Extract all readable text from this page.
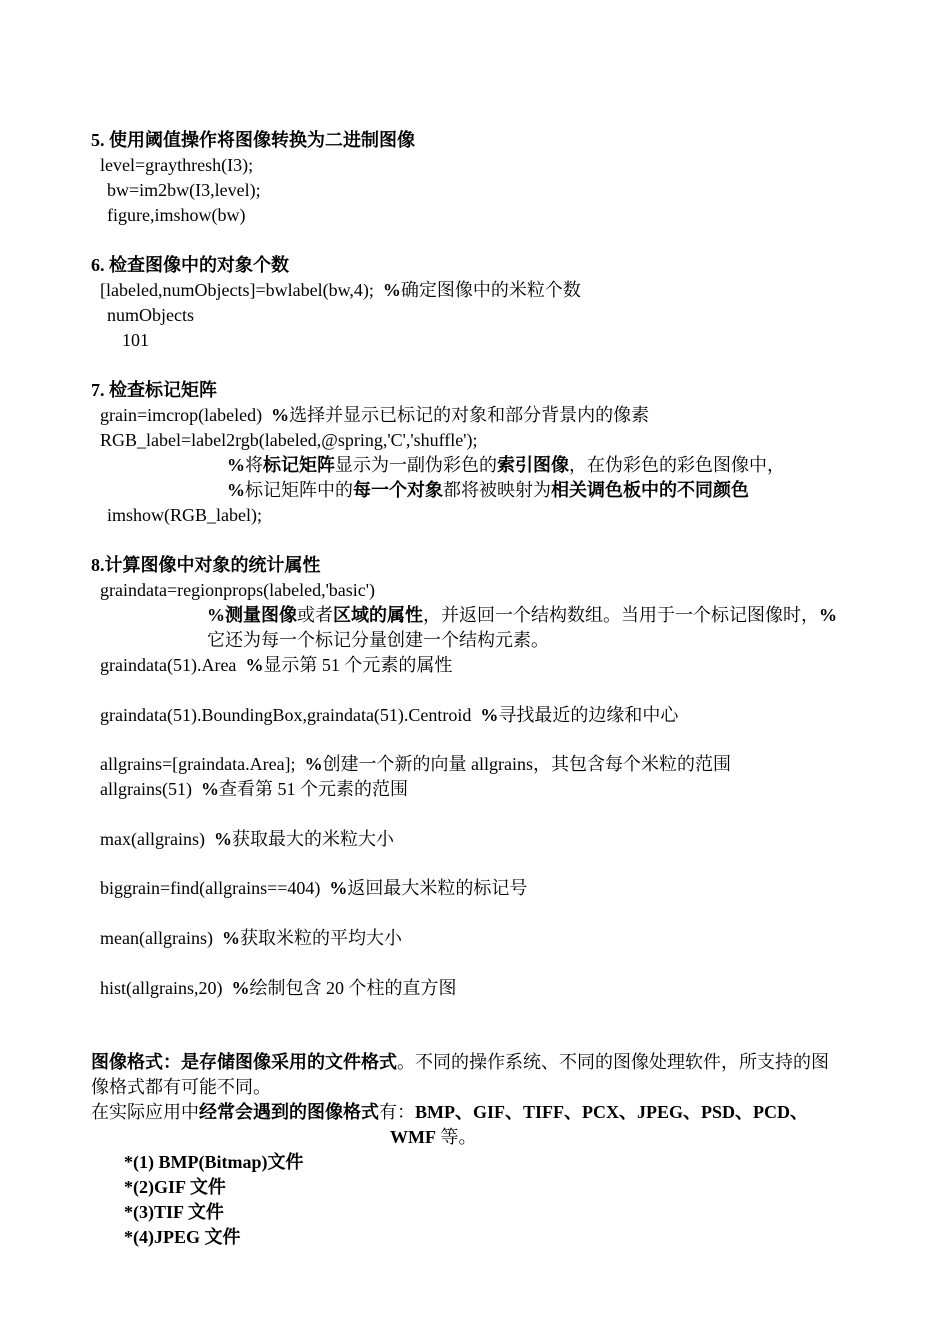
5. 使用阈值操作将图像转换为二进制图像
level=graythresh(I3);
bw=im2bw(I3,level);
figure,imshow(bw)
6. 检查图像中的对象个数
[labeled,numObjects]=bwlabel(bw,4);  %确定图像中的米粒个数
numObjects
101
7. 检查标记矩阵
grain=imcrop(labeled)  %选择并显示已标记的对象和部分背景内的像素
RGB_label=label2rgb(labeled,@spring,'C','shuffle');
%将标记矩阵显示为一副伪彩色的索引图像，在伪彩色的彩色图像中，
%标记矩阵中的每一个对象都将被映射为相关调色板中的不同颜色
imshow(RGB_label);
8.计算图像中对象的统计属性
graindata=regionprops(labeled,'basic')
%测量图像或者区域的属性，并返回一个结构数组。当用于一个标记图像时，%
它还为每一个标记分量创建一个结构元素。
graindata(51).Area  %显示第 51 个元素的属性
graindata(51).BoundingBox,graindata(51).Centroid  %寻找最近的边缘和中心
allgrains=[graindata.Area];  %创建一个新的向量 allgrains，其包含每个米粒的范围
allgrains(51)  %查看第 51 个元素的范围
max(allgrains)  %获取最大的米粒大小
biggrain=find(allgrains==404)  %返回最大米粒的标记号
mean(allgrains)  %获取米粒的平均大小
hist(allgrains,20)  %绘制包含 20 个柱的直方图
图像格式：是存储图像采用的文件格式。不同的操作系统、不同的图像处理软件，所支持的图
像格式都有可能不同。
在实际应用中经常会遇到的图像格式有：BMP、GIF、TIFF、PCX、JPEG、PSD、PCD、
WMF 等。
*(1) BMP(Bitmap)文件
*(2)GIF 文件
*(3)TIF 文件
*(4)JPEG 文件
